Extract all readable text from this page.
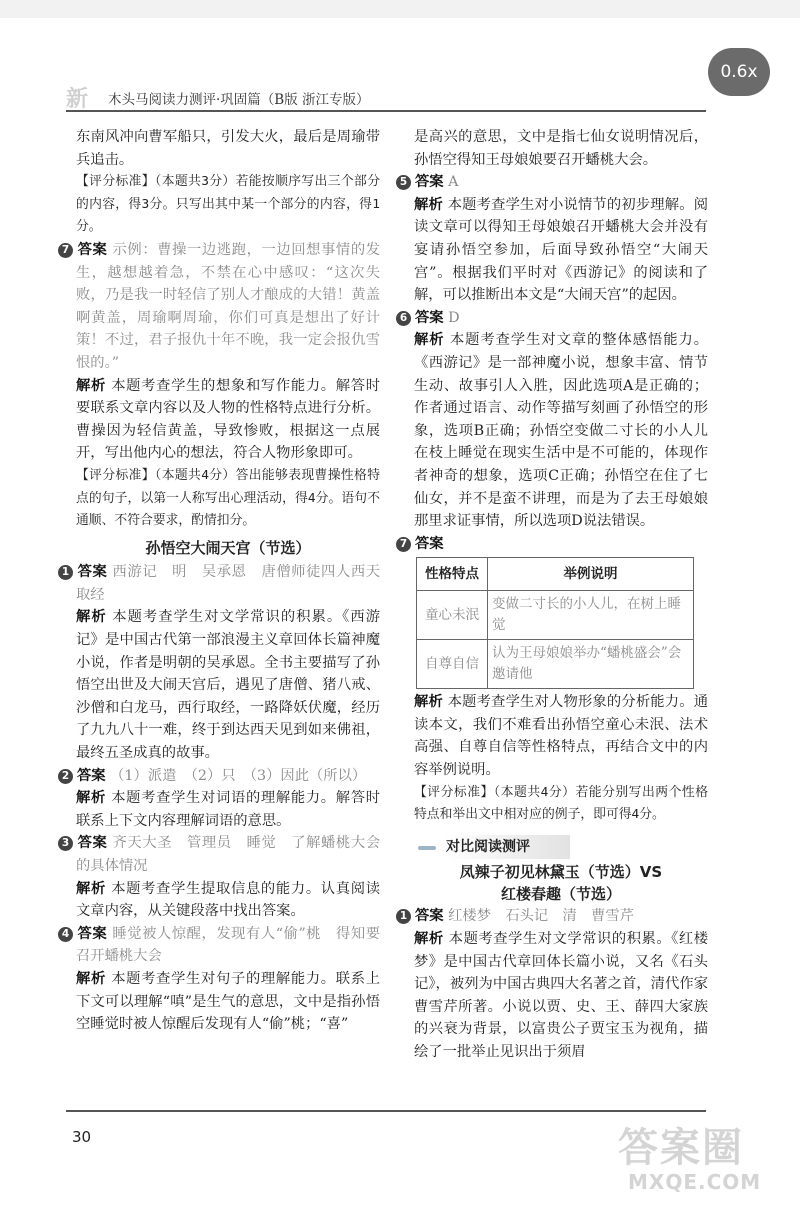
0.6x
新 木头马阅读力测评·巩固篇（B版 浙江专版）

东南风冲向曹军船只，引发大火，最后是周瑜带兵追击。

【评分标准】（本题共3分）若能按顺序写出三个部分的内容，得3分。只写出其中某一个部分的内容，得1分。

7 答案 示例：曹操一边逃跑，一边回想事情的发生，越想越着急，不禁在心中感叹：“这次失败，乃是我一时轻信了别人才酿成的大错！黄盖啊黄盖，周瑜啊周瑜，你们可真是想出了好计策！不过，君子报仇十年不晚，我一定会报仇雪恨的。”

解析 本题考查学生的想象和写作能力。解答时要联系文章内容以及人物的性格特点进行分析。曹操因为轻信黄盖，导致惨败，根据这一点展开，写出他内心的想法，符合人物形象即可。

【评分标准】（本题共4分）答出能够表现曹操性格特点的句子，以第一人称写出心理活动，得4分。语句不通顺、不符合要求，酌情扣分。

孙悟空大闹天宫（节选）

1 答案 西游记　明　吴承恩　唐僧师徒四人西天取经

解析 本题考查学生对文学常识的积累。《西游记》是中国古代第一部浪漫主义章回体长篇神魔小说，作者是明朝的吴承恩。全书主要描写了孙悟空出世及大闹天宫后，遇见了唐僧、猪八戒、沙僧和白龙马，西行取经，一路降妖伏魔，经历了九九八十一难，终于到达西天见到如来佛祖，最终五圣成真的故事。

2 答案 （1）派遣　（2）只　（3）因此（所以）

解析 本题考查学生对词语的理解能力。解答时联系上下文内容理解词语的意思。

3 答案 齐天大圣　管理员　睡觉　了解蟠桃大会的具体情况

解析 本题考查学生提取信息的能力。认真阅读文章内容，从关键段落中找出答案。

4 答案 睡觉被人惊醒，发现有人“偷”桃　得知要召开蟠桃大会

解析 本题考查学生对句子的理解能力。联系上下文可以理解“嗔”是生气的意思，文中是指孙悟空睡觉时被人惊醒后发现有人“偷”桃；“喜”

是高兴的意思，文中是指七仙女说明情况后，孙悟空得知王母娘娘要召开蟠桃大会。

5 答案 A

解析 本题考查学生对小说情节的初步理解。阅读文章可以得知王母娘娘召开蟠桃大会并没有宴请孙悟空参加，后面导致孙悟空“大闹天宫”。根据我们平时对《西游记》的阅读和了解，可以推断出本文是“大闹天宫”的起因。

6 答案 D

解析 本题考查学生对文章的整体感悟能力。《西游记》是一部神魔小说，想象丰富、情节生动、故事引人入胜，因此选项A是正确的；作者通过语言、动作等描写刻画了孙悟空的形象，选项B正确；孙悟空变做二寸长的小人儿在枝上睡觉在现实生活中是不可能的，体现作者神奇的想象，选项C正确；孙悟空在住了七仙女，并不是蛮不讲理，而是为了去王母娘娘那里求证事情，所以选项D说法错误。

7 答案

性格特点	举例说明
童心未泯	变做二寸长的小人儿，在树上睡觉
自尊自信	认为王母娘娘举办“蟠桃盛会”会邀请他

解析 本题考查学生对人物形象的分析能力。通读本文，我们不难看出孙悟空童心未泯、法术高强、自尊自信等性格特点，再结合文中的内容举例说明。

【评分标准】（本题共4分）若能分别写出两个性格特点和举出文中相对应的例子，即可得4分。

对比阅读测评
凤辣子初见林黛玉（节选）VS
红楼春趣（节选）

1 答案 红楼梦　石头记　清　曹雪芹

解析 本题考查学生对文学常识的积累。《红楼梦》是中国古代章回体长篇小说，又名《石头记》，被列为中国古典四大名著之首，清代作家曹雪芹所著。小说以贾、史、王、薛四大家族的兴衰为背景，以富贵公子贾宝玉为视角，描绘了一批举止见识出于须眉

30	答案圈
MXQE.COM
